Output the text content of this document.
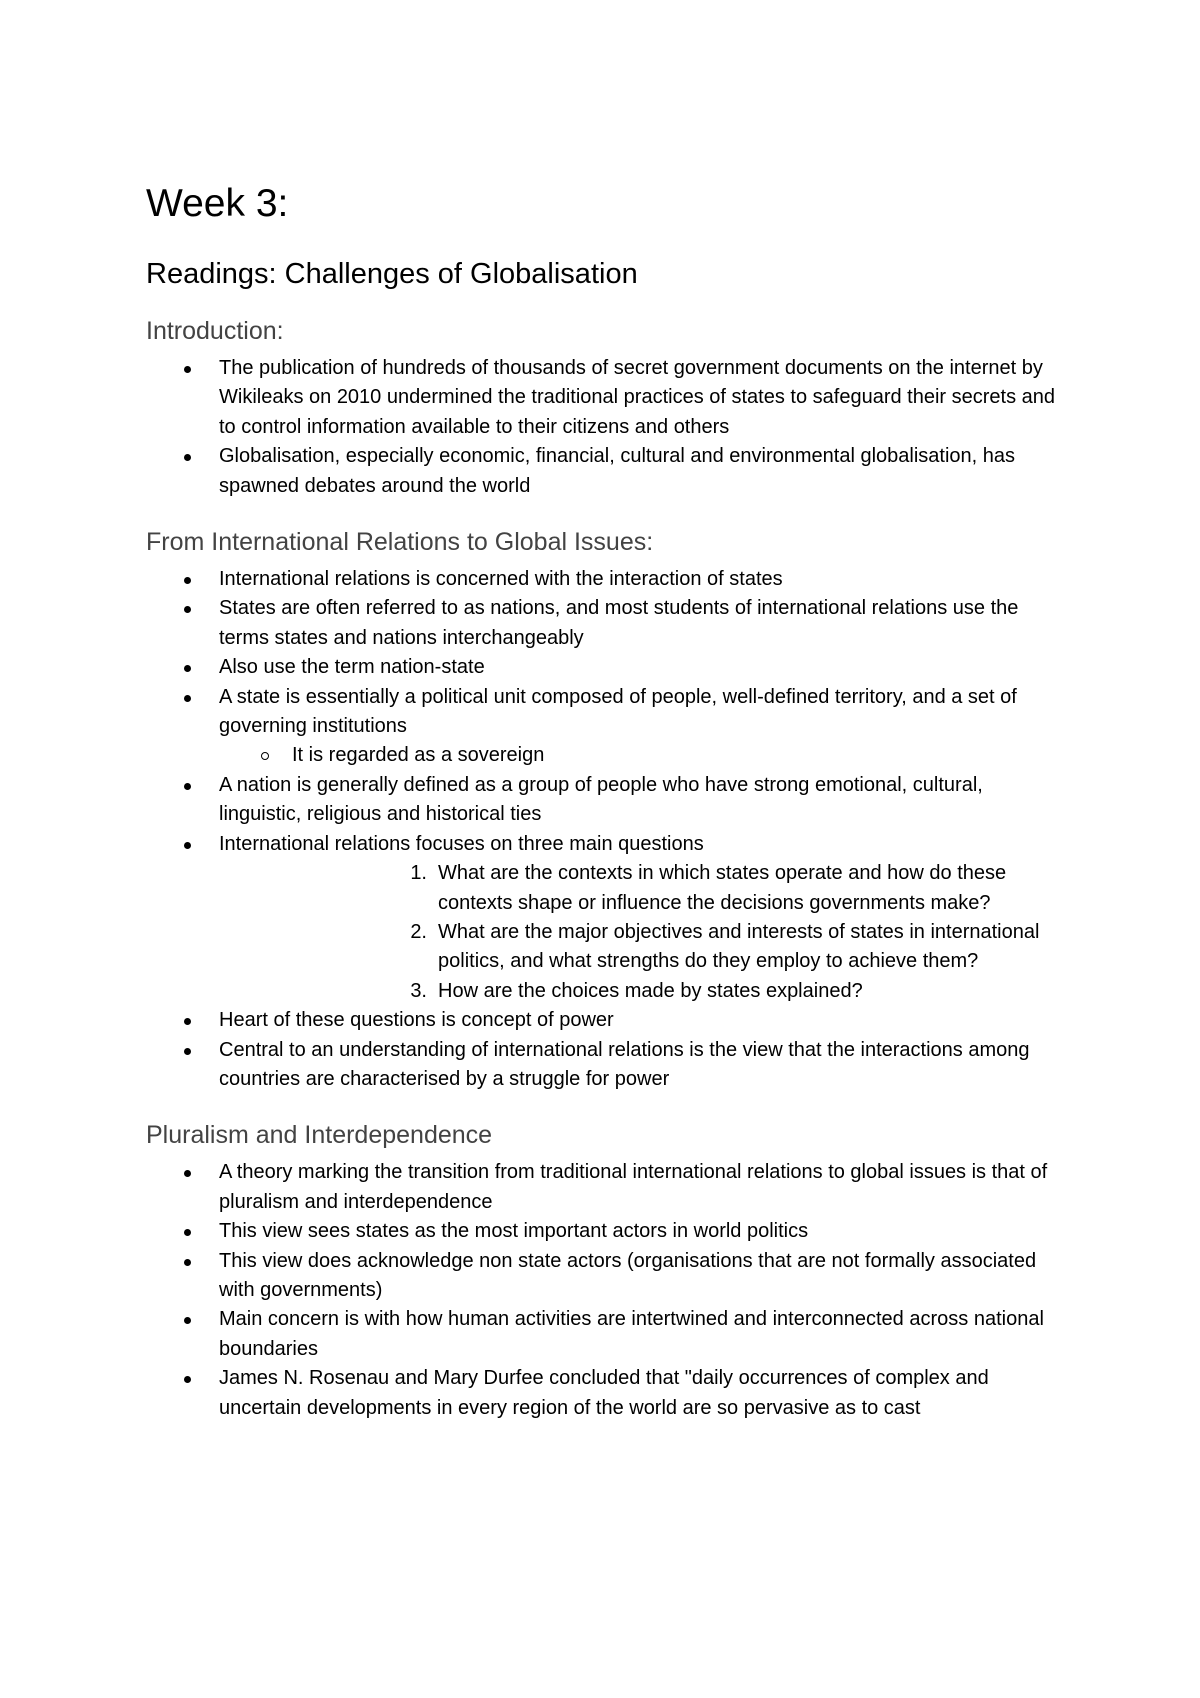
Week 3:
Readings: Challenges of Globalisation
Introduction:
The publication of hundreds of thousands of secret government documents on the internet by Wikileaks on 2010 undermined the traditional practices of states to safeguard their secrets and to control information available to their citizens and others
Globalisation, especially economic, financial, cultural and environmental globalisation, has spawned debates around the world
From International Relations to Global Issues:
International relations is concerned with the interaction of states
States are often referred to as nations, and most students of international relations use the terms states and nations interchangeably
Also use the term nation-state
A state is essentially a political unit composed of people, well-defined territory, and a set of governing institutions
It is regarded as a sovereign
A nation is generally defined as a group of people who have strong emotional, cultural, linguistic, religious and historical ties
International relations focuses on three main questions
1. What are the contexts in which states operate and how do these contexts shape or influence the decisions governments make?
2. What are the major objectives and interests of states in international politics, and what strengths do they employ to achieve them?
3. How are the choices made by states explained?
Heart of these questions is concept of power
Central to an understanding of international relations is the view that the interactions among countries are characterised by a struggle for power
Pluralism and Interdependence
A theory marking the transition from traditional international relations to global issues is that of pluralism and interdependence
This view sees states as the most important actors in world politics
This view does acknowledge non state actors (organisations that are not formally associated with governments)
Main concern is with how human activities are intertwined and interconnected across national boundaries
James N. Rosenau and Mary Durfee concluded that "daily occurrences of complex and uncertain developments in every region of the world are so pervasive as to cast
